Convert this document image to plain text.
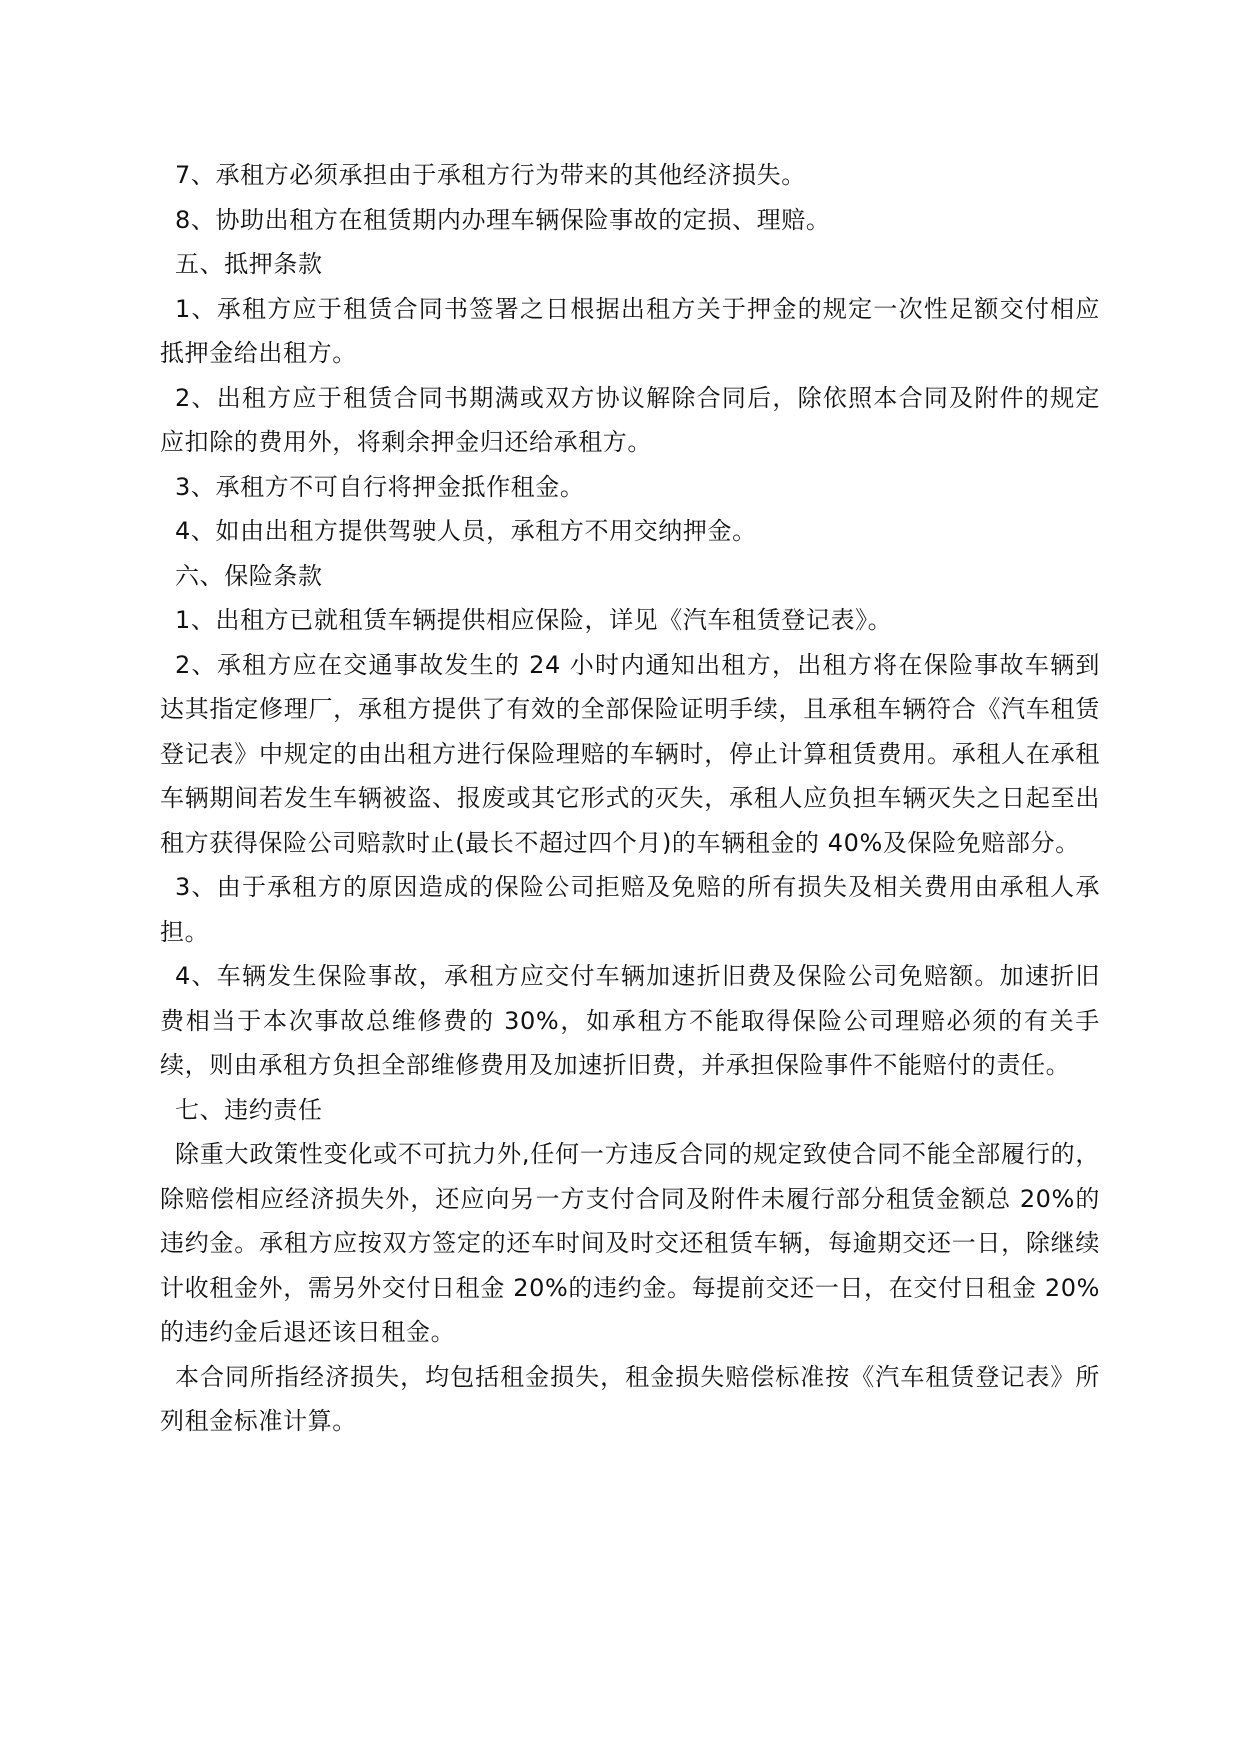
7、承租方必须承担由于承租方行为带来的其他经济损失。

8、协助出租方在租赁期内办理车辆保险事故的定损、理赔。

五、抵押条款

1、承租方应于租赁合同书签署之日根据出租方关于押金的规定一次性足额交付相应抵押金给出租方。

2、出租方应于租赁合同书期满或双方协议解除合同后，除依照本合同及附件的规定应扣除的费用外，将剩余押金归还给承租方。

3、承租方不可自行将押金抵作租金。

4、如由出租方提供驾驶人员，承租方不用交纳押金。

六、保险条款

1、出租方已就租赁车辆提供相应保险，详见《汽车租赁登记表》。

2、承租方应在交通事故发生的 24 小时内通知出租方，出租方将在保险事故车辆到达其指定修理厂，承租方提供了有效的全部保险证明手续，且承租车辆符合《汽车租赁登记表》中规定的由出租方进行保险理赔的车辆时，停止计算租赁费用。承租人在承租车辆期间若发生车辆被盗、报废或其它形式的灭失，承租人应负担车辆灭失之日起至出租方获得保险公司赔款时止(最长不超过四个月)的车辆租金的 40%及保险免赔部分。

3、由于承租方的原因造成的保险公司拒赔及免赔的所有损失及相关费用由承租人承担。

4、车辆发生保险事故，承租方应交付车辆加速折旧费及保险公司免赔额。加速折旧费相当于本次事故总维修费的 30%，如承租方不能取得保险公司理赔必须的有关手续，则由承租方负担全部维修费用及加速折旧费，并承担保险事件不能赔付的责任。

七、违约责任

除重大政策性变化或不可抗力外,任何一方违反合同的规定致使合同不能全部履行的，除赔偿相应经济损失外，还应向另一方支付合同及附件未履行部分租赁金额总 20%的违约金。承租方应按双方签定的还车时间及时交还租赁车辆，每逾期交还一日，除继续计收租金外，需另外交付日租金 20%的违约金。每提前交还一日，在交付日租金 20%的违约金后退还该日租金。

本合同所指经济损失，均包括租金损失，租金损失赔偿标准按《汽车租赁登记表》所列租金标准计算。
